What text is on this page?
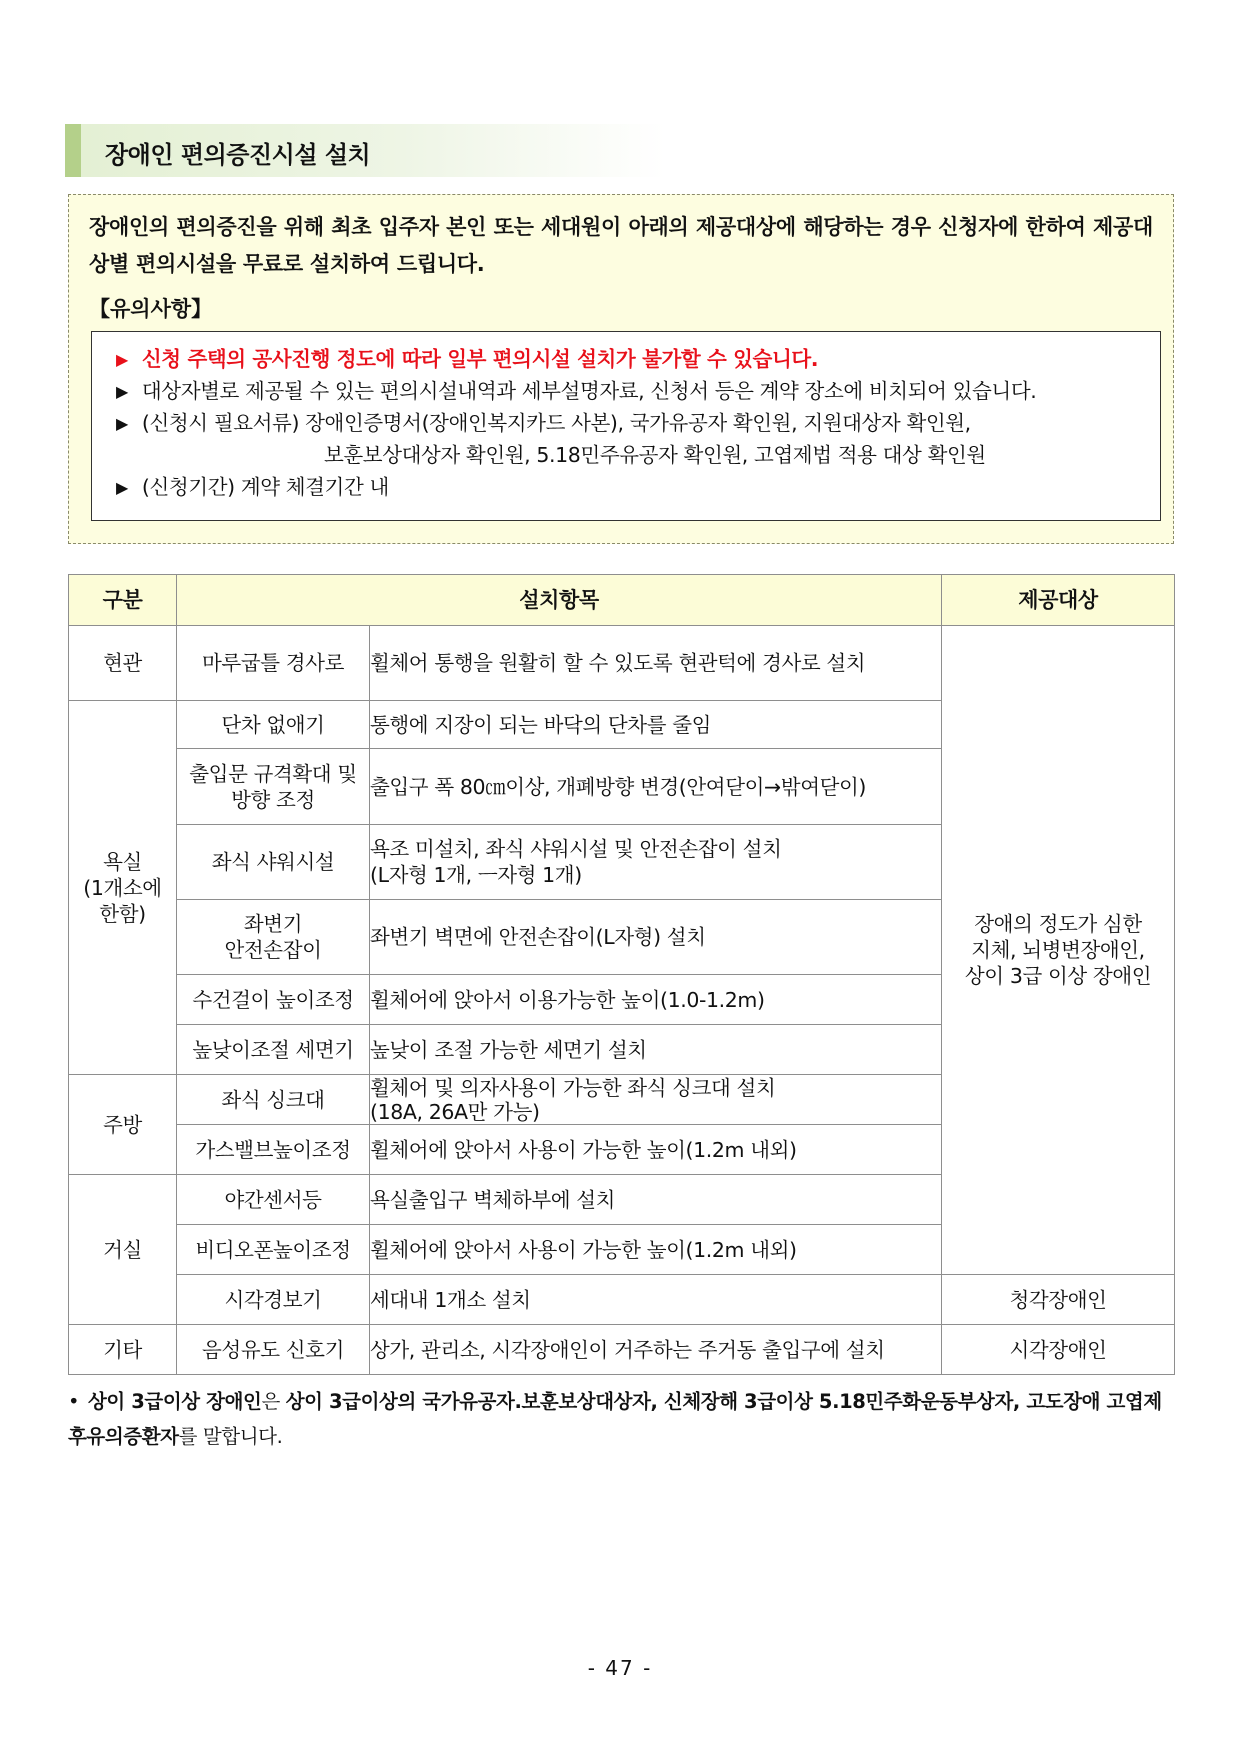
장애인 편의증진시설 설치
장애인의 편의증진을 위해 최초 입주자 본인 또는 세대원이 아래의 제공대상에 해당하는 경우 신청자에 한하여 제공대상별 편의시설을 무료로 설치하여 드립니다.
【유의사항】
▶ 신청 주택의 공사진행 정도에 따라 일부 편의시설 설치가 불가할 수 있습니다.
▶ 대상자별로 제공될 수 있는 편의시설내역과 세부설명자료, 신청서 등은 계약 장소에 비치되어 있습니다.
▶ (신청시 필요서류) 장애인증명서(장애인복지카드 사본), 국가유공자 확인원, 지원대상자 확인원,
보훈보상대상자 확인원, 5.18민주유공자 확인원, 고엽제법 적용 대상 확인원
▶ (신청기간) 계약 체결기간 내
구분	설치항목		제공대상
현관	마루굽틀 경사로	휠체어 통행을 원활히 할 수 있도록 현관턱에 경사로 설치	장애의 정도가 심한
지체, 뇌병변장애인,
상이 3급 이상 장애인
욕실
(1개소에
한함)	단차 없애기	통행에 지장이 되는 바닥의 단차를 줄임	
	출입문 규격확대 및
방향 조정	출입구 폭 80㎝이상, 개폐방향 변경(안여닫이→밖여닫이)	
	좌식 샤워시설	욕조 미설치, 좌식 샤워시설 및 안전손잡이 설치
(L자형 1개, ㅡ자형 1개)	
	좌변기
안전손잡이	좌변기 벽면에 안전손잡이(L자형) 설치	
	수건걸이 높이조정	휠체어에 앉아서 이용가능한 높이(1.0-1.2m)	
	높낮이조절 세면기	높낮이 조절 가능한 세면기 설치	
주방	좌식 싱크대	휠체어 및 의자사용이 가능한 좌식 싱크대 설치
(18A, 26A만 가능)	
	가스밸브높이조정	휠체어에 앉아서 사용이 가능한 높이(1.2m 내외)	
거실	야간센서등	욕실출입구 벽체하부에 설치	
	비디오폰높이조정	휠체어에 앉아서 사용이 가능한 높이(1.2m 내외)	
	시각경보기	세대내 1개소 설치	청각장애인
기타	음성유도 신호기	상가, 관리소, 시각장애인이 거주하는 주거동 출입구에 설치	시각장애인
• 상이 3급이상 장애인은 상이 3급이상의 국가유공자.보훈보상대상자, 신체장해 3급이상 5.18민주화운동부상자, 고도장애 고엽제후유의증환자를 말합니다.
- 47 -
